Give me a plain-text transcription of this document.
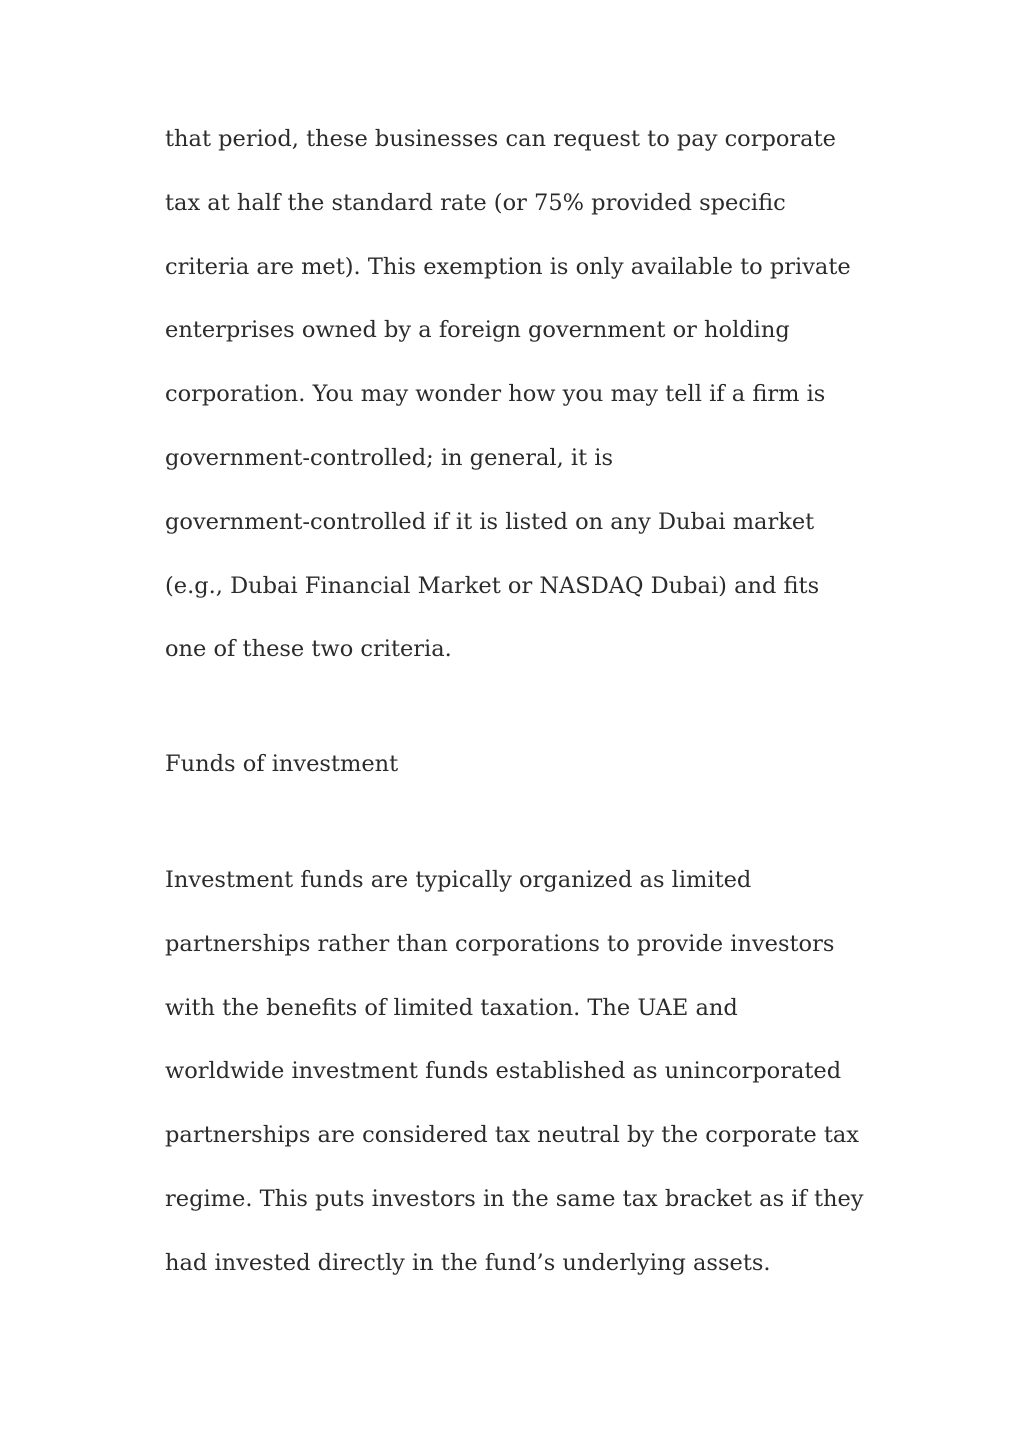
that period, these businesses can request to pay corporate
tax at half the standard rate (or 75% provided specific
criteria are met). This exemption is only available to private
enterprises owned by a foreign government or holding
corporation. You may wonder how you may tell if a firm is
government-controlled; in general, it is
government-controlled if it is listed on any Dubai market
(e.g., Dubai Financial Market or NASDAQ Dubai) and fits
one of these two criteria.

Funds of investment

Investment funds are typically organized as limited
partnerships rather than corporations to provide investors
with the benefits of limited taxation. The UAE and
worldwide investment funds established as unincorporated
partnerships are considered tax neutral by the corporate tax
regime. This puts investors in the same tax bracket as if they
had invested directly in the fund’s underlying assets.
